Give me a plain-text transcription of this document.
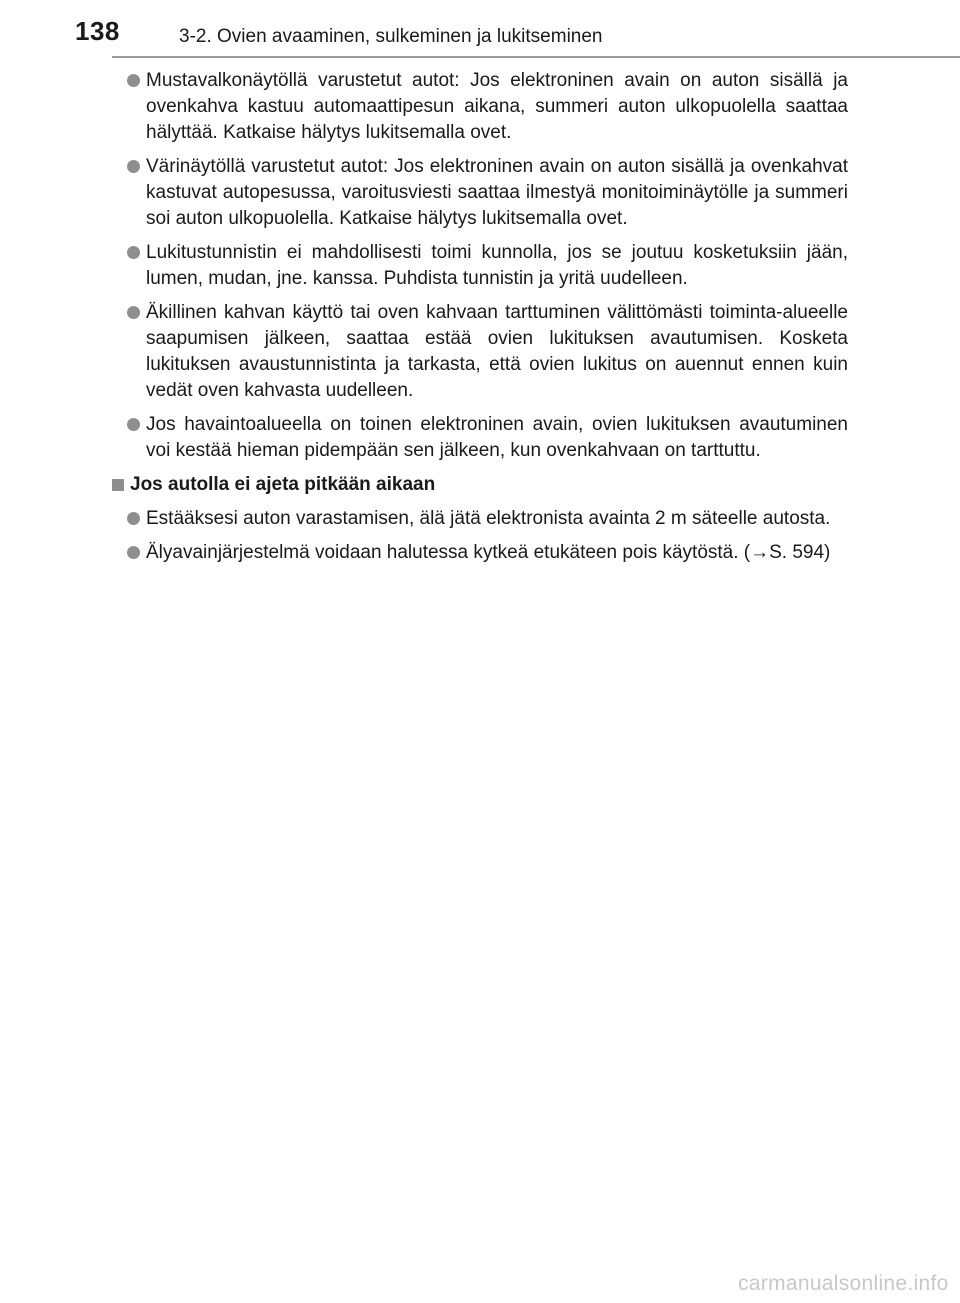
138	3-2. Ovien avaaminen, sulkeminen ja lukitseminen
Mustavalkonäytöllä varustetut autot: Jos elektroninen avain on auton sisällä ja ovenkahva kastuu automaattipesun aikana, summeri auton ulkopuolella saattaa hälyttää. Katkaise hälytys lukitsemalla ovet.
Värinäytöllä varustetut autot: Jos elektroninen avain on auton sisällä ja ovenkahvat kastuvat autopesussa, varoitusviesti saattaa ilmestyä monitoiminäytölle ja summeri soi auton ulkopuolella. Katkaise hälytys lukitsemalla ovet.
Lukitustunnistin ei mahdollisesti toimi kunnolla, jos se joutuu kosketuksiin jään, lumen, mudan, jne. kanssa. Puhdista tunnistin ja yritä uudelleen.
Äkillinen kahvan käyttö tai oven kahvaan tarttuminen välittömästi toiminta-alueelle saapumisen jälkeen, saattaa estää ovien lukituksen avautumisen. Kosketa lukituksen avaustunnistinta ja tarkasta, että ovien lukitus on auennut ennen kuin vedät oven kahvasta uudelleen.
Jos havaintoalueella on toinen elektroninen avain, ovien lukituksen avautuminen voi kestää hieman pidempään sen jälkeen, kun ovenkahvaan on tarttuttu.
Jos autolla ei ajeta pitkään aikaan
Estääksesi auton varastamisen, älä jätä elektronista avainta 2 m säteelle autosta.
Älyavainjärjestelmä voidaan halutessa kytkeä etukäteen pois käytöstä. (→S. 594)
carmanualsonline.info
